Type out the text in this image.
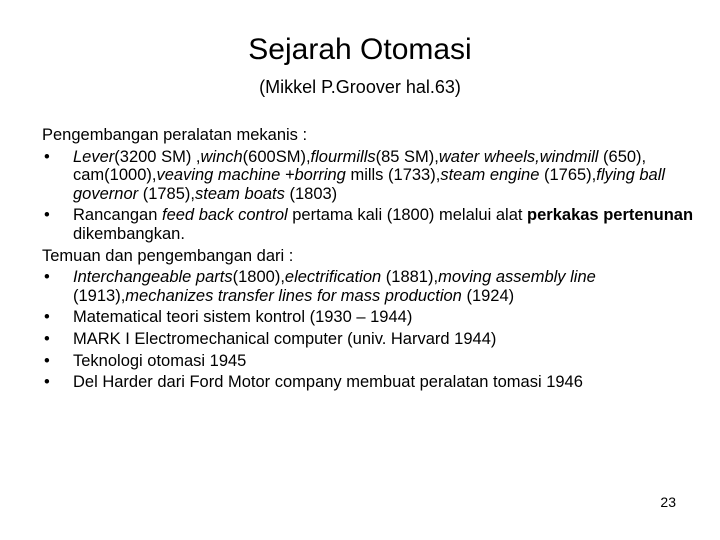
Sejarah Otomasi
(Mikkel P.Groover hal.63)

Pengembangan peralatan mekanis :

•	Lever(3200 SM) ,winch(600SM),flourmills(85 SM),water wheels,windmill (650), cam(1000),veaving machine +borring mills (1733),steam engine (1765),flying ball governor (1785),steam boats (1803)
•	Rancangan feed back control pertama kali (1800) melalui alat perkakas pertenunan dikembangkan.

Temuan dan pengembangan dari :

•	Interchangeable parts(1800),electrification (1881),moving assembly line (1913),mechanizes transfer lines for mass production (1924)
•	Matematical teori sistem kontrol (1930 – 1944)
•	MARK I Electromechanical computer (univ. Harvard 1944)
•	Teknologi otomasi 1945
•	Del Harder dari Ford Motor company membuat peralatan tomasi 1946
23
